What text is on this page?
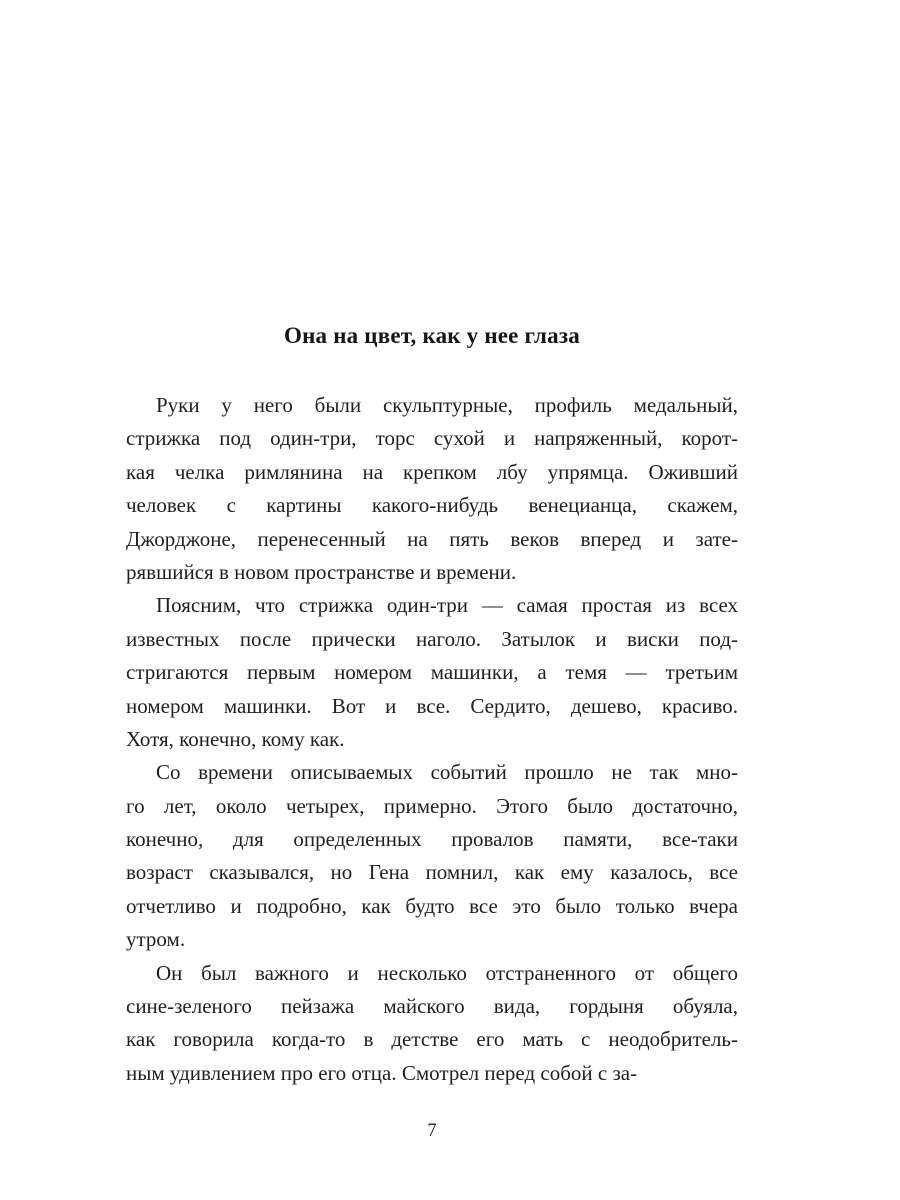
Она на цвет, как у нее глаза
Руки у него были скульптурные, профиль медальный,
стрижка под один-три, торс сухой и напряженный, корот-
кая челка римлянина на крепком лбу упрямца. Оживший
человек с картины какого-нибудь венецианца, скажем,
Джорджоне, перенесенный на пять веков вперед и зате-
рявшийся в новом пространстве и времени.
Поясним, что стрижка один-три — самая простая из всех
известных после прически наголо. Затылок и виски под-
стригаются первым номером машинки, а темя — третьим
номером машинки. Вот и все. Сердито, дешево, красиво.
Хотя, конечно, кому как.
Со времени описываемых событий прошло не так мно-
го лет, около четырех, примерно. Этого было достаточно,
конечно, для определенных провалов памяти, все-таки
возраст сказывался, но Гена помнил, как ему казалось, все
отчетливо и подробно, как будто все это было только вчера
утром.
Он был важного и несколько отстраненного от общего
сине-зеленого пейзажа майского вида, гордыня обуяла,
как говорила когда-то в детстве его мать с неодобритель-
ным удивлением про его отца. Смотрел перед собой с за-
7
